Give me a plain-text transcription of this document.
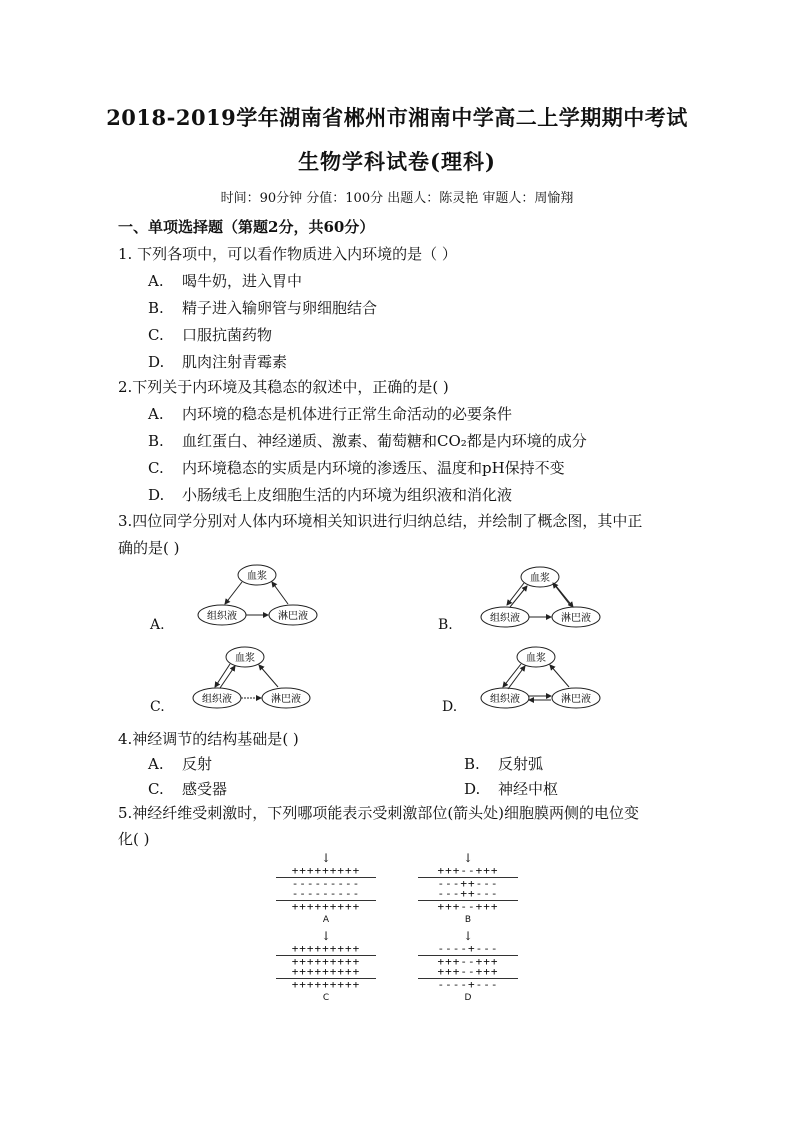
2018-2019学年湖南省郴州市湘南中学高二上学期期中考试
生物学科试卷(理科)
时间：90分钟 分值：100分 出题人：陈灵艳 审题人：周愉翔
一、单项选择题（第题2分，共60分）
1. 下列各项中，可以看作物质进入内环境的是（ ）
A. 喝牛奶，进入胃中
B. 精子进入输卵管与卵细胞结合
C. 口服抗菌药物
D. 肌肉注射青霉素
2.下列关于内环境及其稳态的叙述中，正确的是( )
A. 内环境的稳态是机体进行正常生命活动的必要条件
B. 血红蛋白、神经递质、激素、葡萄糖和CO₂都是内环境的成分
C. 内环境稳态的实质是内环境的渗透压、温度和pH保持不变
D. 小肠绒毛上皮细胞生活的内环境为组织液和消化液
3.四位同学分别对人体内环境相关知识进行归纳总结，并绘制了概念图，其中正
确的是( )
A.
血浆
组织液	淋巴液
B.
血浆
组织液	淋巴液
C.
血浆
组织液	淋巴液	D.
血浆
组织液	淋巴液
4.神经调节的结构基础是( )
A. 反射	B. 反射弧
C. 感受器	D. 神经中枢
5.神经纤维受刺激时，下列哪项能表示受刺激部位(箭头处)细胞膜两侧的电位变
化( )
↓
+++++++++
---------
---------
+++++++++
A
↓
+++--+++
---++---
---++---
+++--+++
B
↓
+++++++++
+++++++++
+++++++++
+++++++++
C
↓
----+---
+++--+++
+++--+++
----+---
D
